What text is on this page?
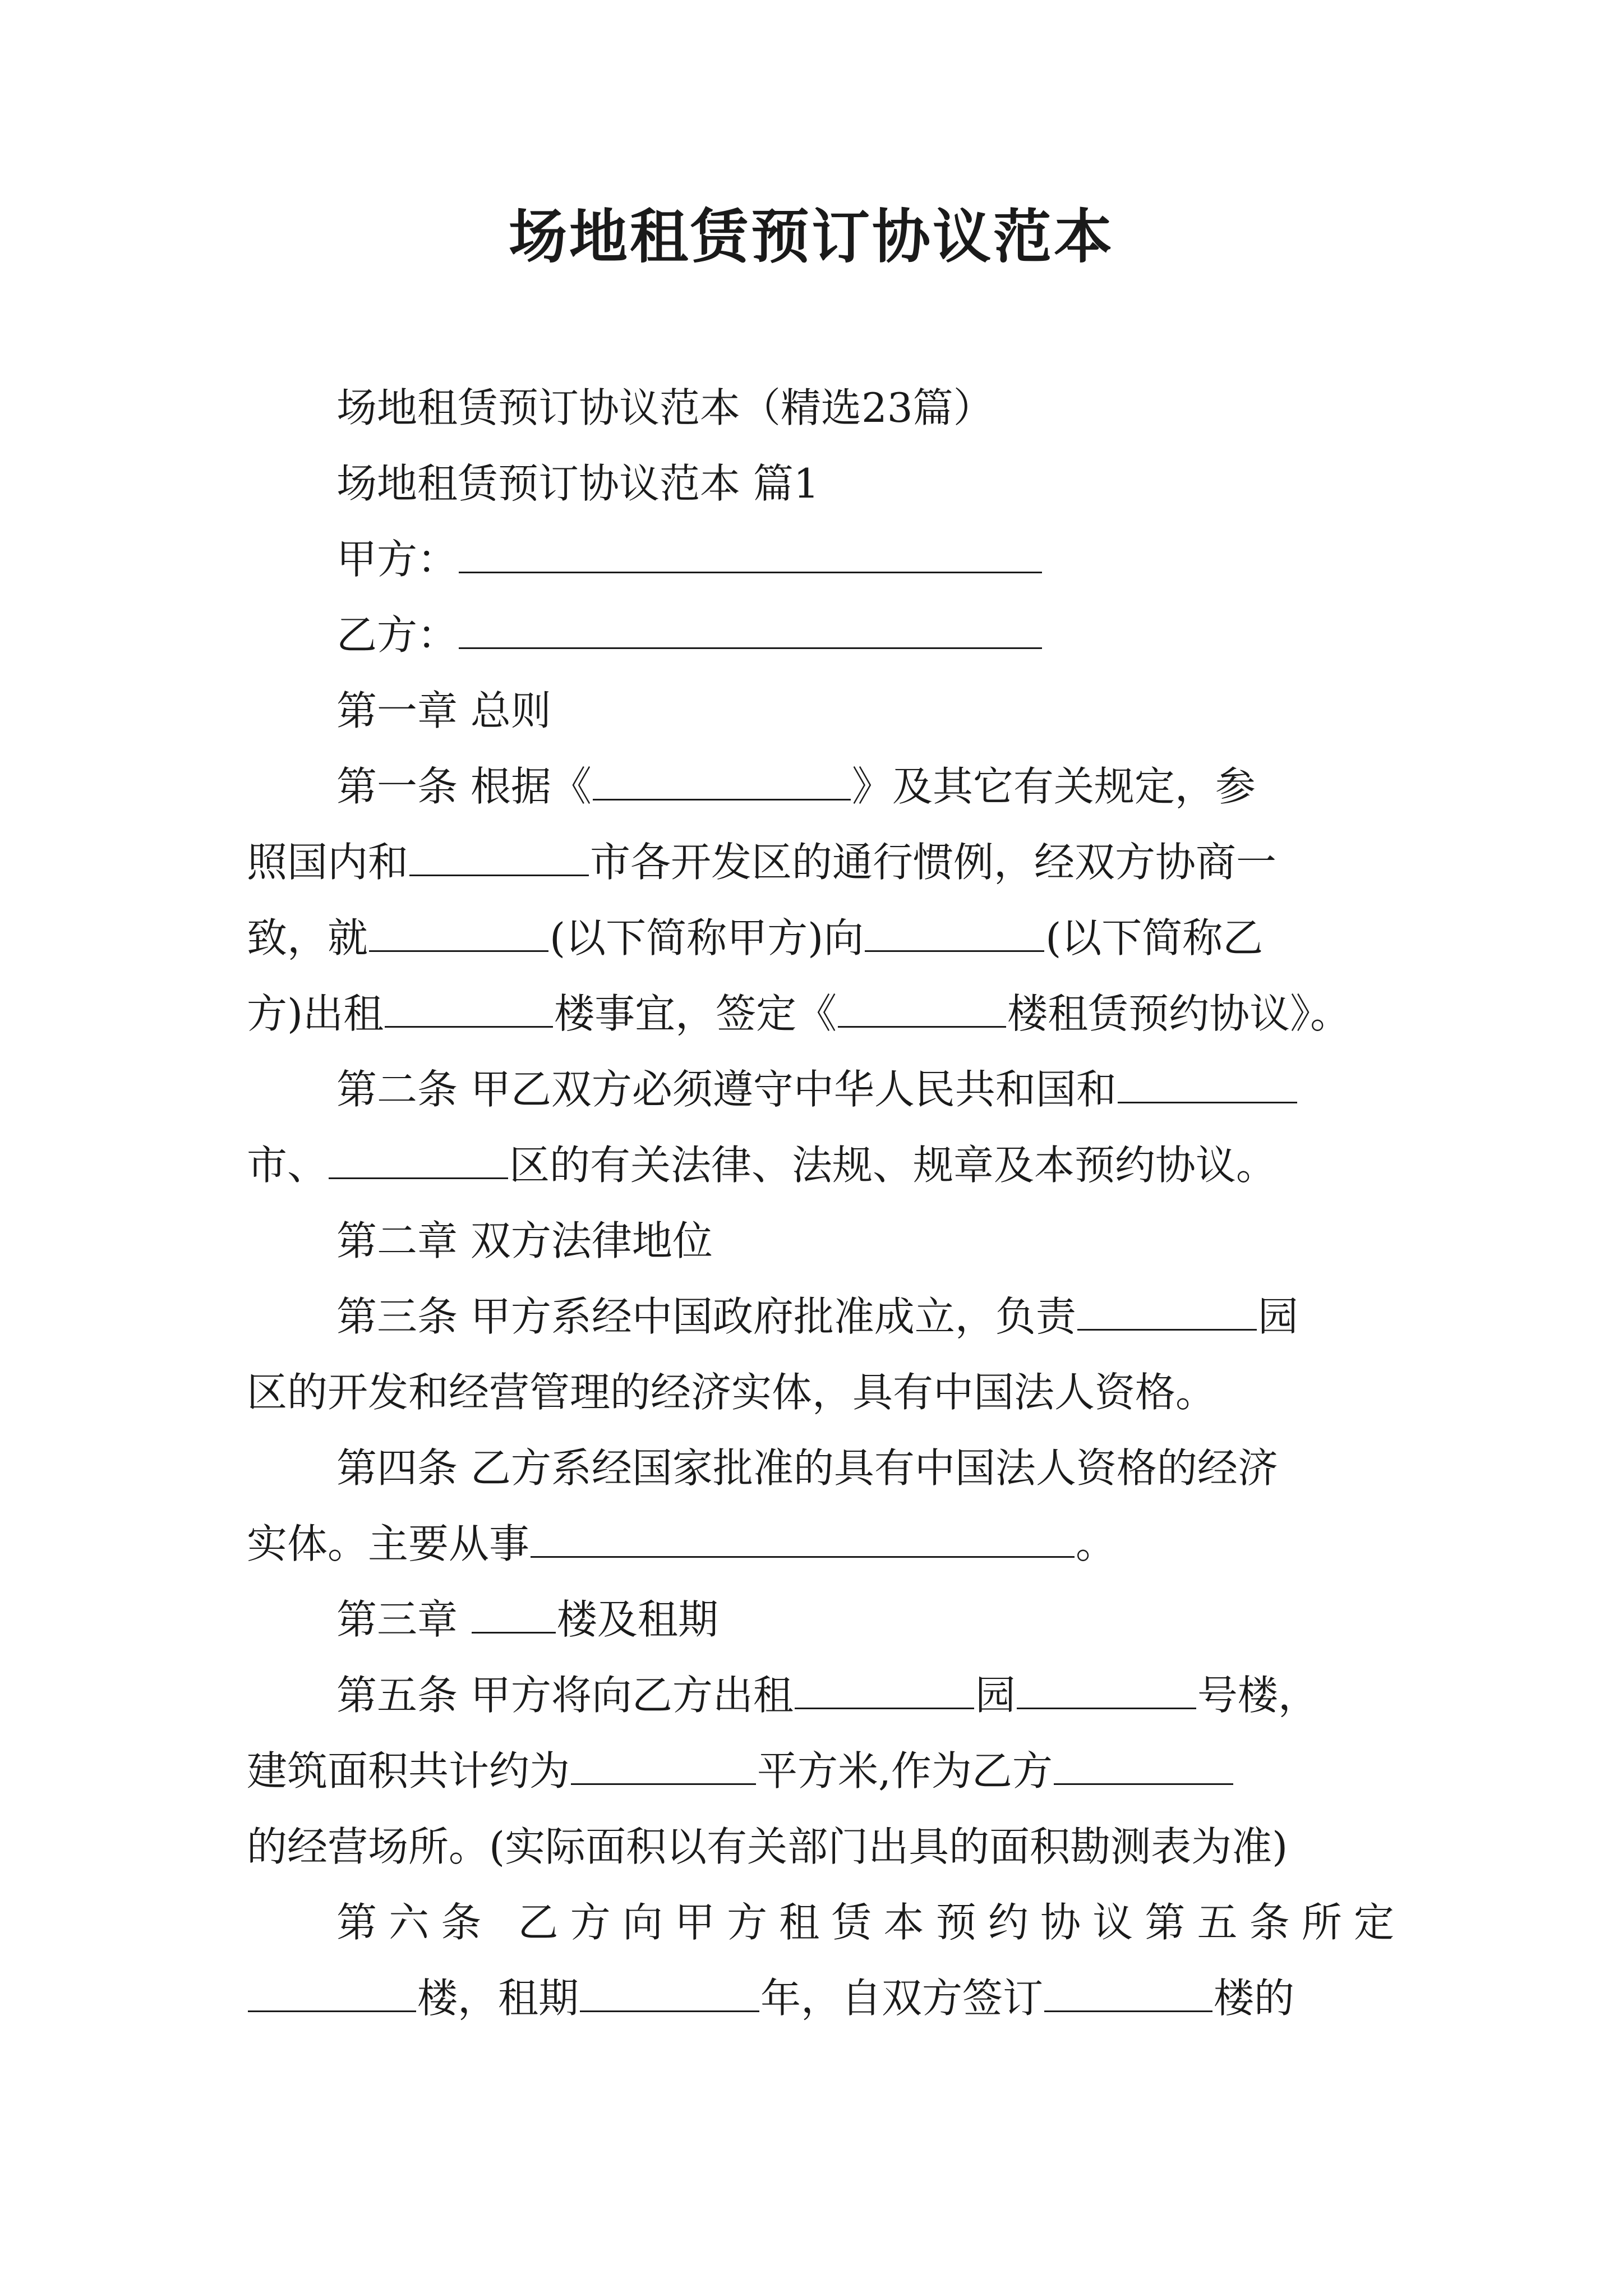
场地租赁预订协议范本

场地租赁预订协议范本（精选23篇）

场地租赁预订协议范本 篇1

甲方：

乙方：

第一章 总则

第一条 根据《	》及其它有关规定，参

照国内和	市各开发区的通行惯例，经双方协商一

致，就	(以下简称甲方)向	(以下简称乙

方)出租	楼事宜，签定《	楼租赁预约协议》。

第二条 甲乙双方必须遵守中华人民共和国和

市、	区的有关法律、法规、规章及本预约协议。

第二章 双方法律地位

第三条 甲方系经中国政府批准成立，负责	园

区的开发和经营管理的经济实体，具有中国法人资格。

第四条 乙方系经国家批准的具有中国法人资格的经济

实体。主要从事	。

第三章 楼及租期

第五条 甲方将向乙方出租	园	号楼，

建筑面积共计约为	平方米,作为乙方

的经营场所。(实际面积以有关部门出具的面积勘测表为准)

第六条 乙方向甲方租赁本预约协议第五条所定

楼，租期	年，自双方签订	楼的
